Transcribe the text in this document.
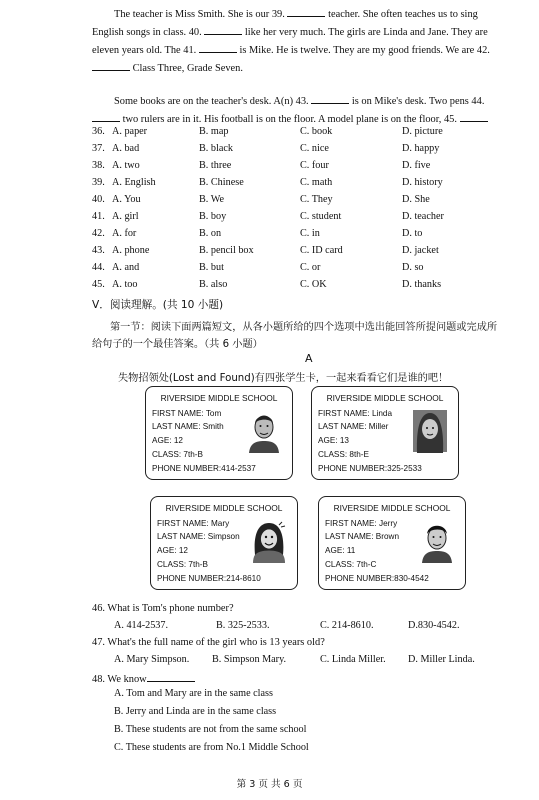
The teacher is Miss Smith. She is our 39.	teacher. She often teaches us to sing English songs in class. 40.	like her very much. The girls are Linda and Jane. They are eleven years old. The 41.	is Mike. He is twelve. They are my good friends. We are 42.  Class Three, Grade Seven.
Some books are on the teacher's desk. A(n) 43.	is on Mike's desk. Two pens 44.  two rulers are in it. His football is on the floor. A model plane is on the floor, 45.
36. A. paper	B. map	C. book	D. picture
37. A. bad	B. black	C. nice	D. happy
38. A. two	B. three	C. four	D. five
39. A. English	B. Chinese	C. math	D. history
40. A. You	B. We	C. They	D. She
41. A. girl	B. boy	C. student	D. teacher
42. A. for	B. on	C. in	D. to
43. A. phone	B. pencil box	C. ID card	D. jacket
44. A. and	B. but	C. or	D. so
45. A. too	B. also	C. OK	D. thanks
V．阅读理解。(共 10 小题)
第一节：阅读下面两篇短文，从各小题所给的四个选项中选出能回答所提问题或完成所
给句子的一个最佳答案。（共 6 小题）
A
失物招领处(Lost and Found)有四张学生卡，一起来看看它们是谁的吧！
RIVERSIDE MIDDLE SCHOOL
FIRST NAME: Tom
LAST NAME: Smith
AGE: 12
CLASS: 7th-B
PHONE NUMBER:414-2537
RIVERSIDE MIDDLE SCHOOL
FIRST NAME: Linda
LAST NAME: Miller
AGE: 13
CLASS: 8th-E
PHONE NUMBER:325-2533
RIVERSIDE MIDDLE SCHOOL
FIRST NAME: Mary
LAST NAME: Simpson
AGE: 12
CLASS: 7th-B
PHONE NUMBER:214-8610
RIVERSIDE MIDDLE SCHOOL
FIRST NAME: Jerry
LAST NAME: Brown
AGE: 11
CLASS: 7th-C
PHONE NUMBER:830-4542
46. What is Tom's phone number?
A. 414-2537.	B. 325-2533.	C. 214-8610.	D.830-4542.
47. What's the full name of the girl who is 13 years old?
A. Mary Simpson. B. Simpson Mary.	C. Linda Miller. D. Miller Linda.
48. We know
A. Tom and Mary are in the same class
B. Jerry and Linda are in the same class
B. These students are not from the same school
C. These students are from No.1 Middle School
第 3 页 共 6 页
